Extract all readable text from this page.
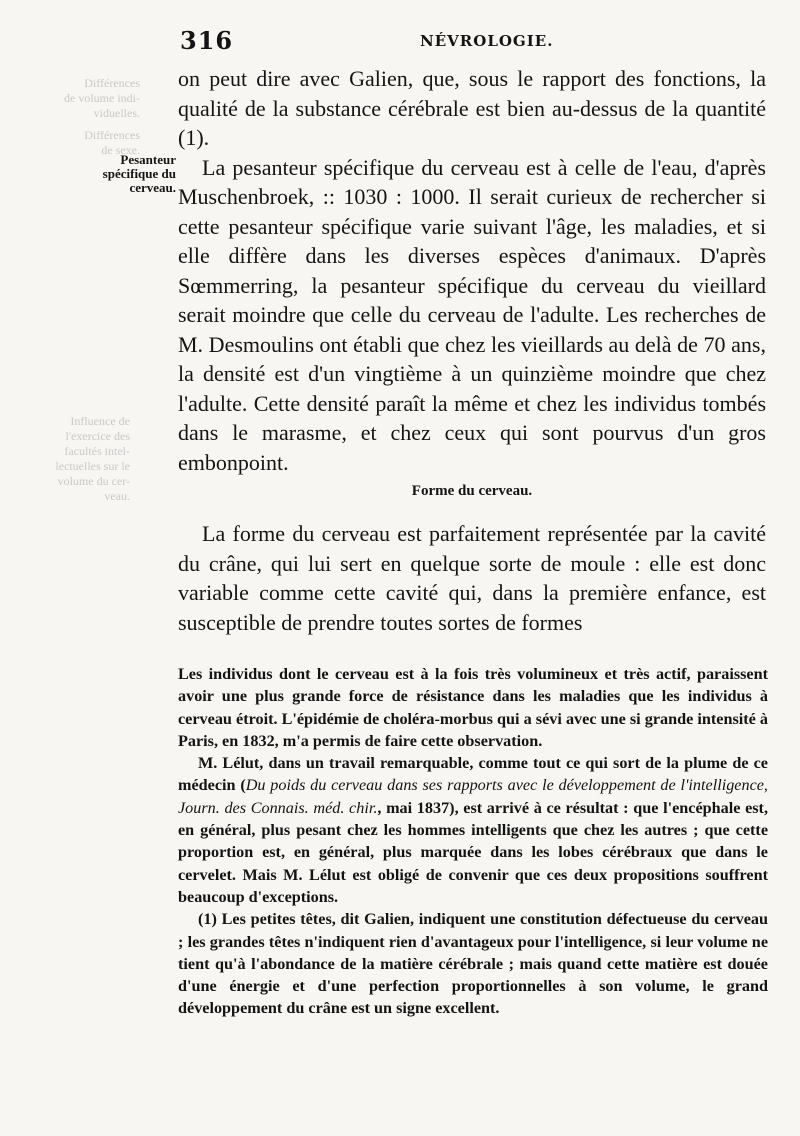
Différences
de volume indi-
viduelles.
Différences
de sexe.
Influence de
l'exercice des
facultés intel-
lectuelles sur le
volume du cer-
veau.
316	NÉVROLOGIE.
Pesanteur spécifique du cerveau.

on peut dire avec Galien, que, sous le rapport des fonctions, la qualité de la substance cérébrale est bien au-dessus de la quantité (1).

La pesanteur spécifique du cerveau est à celle de l'eau, d'après Muschenbroek, :: 1030 : 1000. Il serait curieux de rechercher si cette pesanteur spécifique varie suivant l'âge, les maladies, et si elle diffère dans les diverses espèces d'animaux. D'après Sœmmerring, la pesanteur spécifique du cerveau du vieillard serait moindre que celle du cerveau de l'adulte. Les recherches de M. Desmoulins ont établi que chez les vieillards au delà de 70 ans, la densité est d'un vingtième à un quinzième moindre que chez l'adulte. Cette densité paraît la même et chez les individus tombés dans le marasme, et chez ceux qui sont pourvus d'un gros embonpoint.

Forme du cerveau.

La forme du cerveau est parfaitement représentée par la cavité du crâne, qui lui sert en quelque sorte de moule : elle est donc variable comme cette cavité qui, dans la première enfance, est susceptible de prendre toutes sortes de formes

Les individus dont le cerveau est à la fois très volumineux et très actif, paraissent avoir une plus grande force de résistance dans les maladies que les individus à cerveau étroit. L'épidémie de choléra-morbus qui a sévi avec une si grande intensité à Paris, en 1832, m'a permis de faire cette observation.

M. Lélut, dans un travail remarquable, comme tout ce qui sort de la plume de ce médecin (Du poids du cerveau dans ses rapports avec le développement de l'intelligence, Journ. des Connais. méd. chir., mai 1837), est arrivé à ce résultat : que l'encéphale est, en général, plus pesant chez les hommes intelligents que chez les autres ; que cette proportion est, en général, plus marquée dans les lobes cérébraux que dans le cervelet. Mais M. Lélut est obligé de convenir que ces deux propositions souffrent beaucoup d'exceptions.

(1) Les petites têtes, dit Galien, indiquent une constitution défectueuse du cerveau ; les grandes têtes n'indiquent rien d'avantageux pour l'intelligence, si leur volume ne tient qu'à l'abondance de la matière cérébrale ; mais quand cette matière est douée d'une énergie et d'une perfection proportionnelles à son volume, le grand développement du crâne est un signe excellent.
